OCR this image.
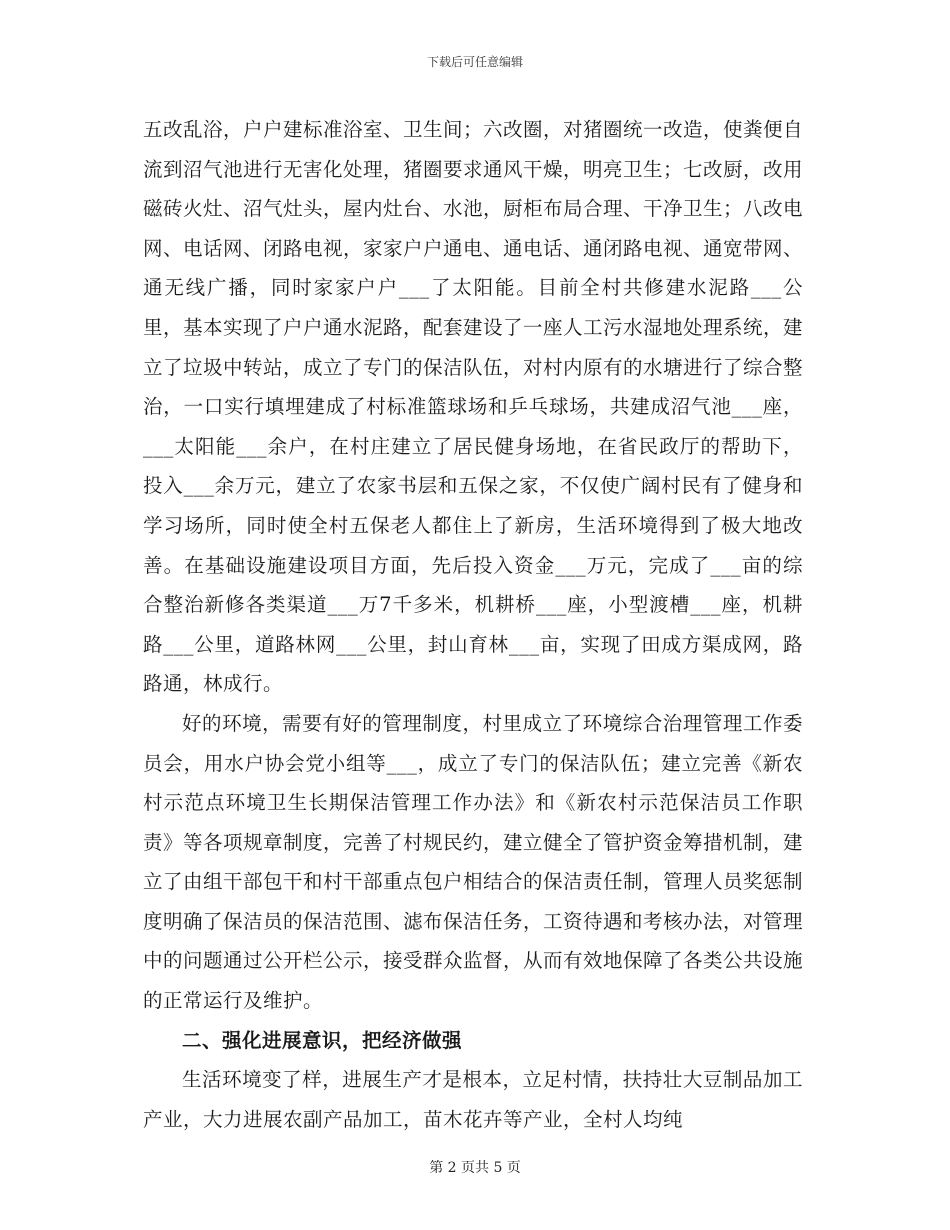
下载后可任意编辑

五改乱浴，户户建标准浴室、卫生间；六改圈，对猪圈统一改造，使粪便自流到沼气池进行无害化处理，猪圈要求通风干燥，明亮卫生；七改厨，改用磁砖火灶、沼气灶头，屋内灶台、水池，厨柜布局合理、干净卫生；八改电网、电话网、闭路电视，家家户户通电、通电话、通闭路电视、通宽带网、通无线广播，同时家家户户___了太阳能。目前全村共修建水泥路___公里，基本实现了户户通水泥路，配套建设了一座人工污水湿地处理系统，建立了垃圾中转站，成立了专门的保洁队伍，对村内原有的水塘进行了综合整治，一口实行填埋建成了村标准篮球场和乒乓球场，共建成沼气池___座，___太阳能___余户，在村庄建立了居民健身场地，在省民政厅的帮助下，投入___余万元，建立了农家书层和五保之家，不仅使广阔村民有了健身和学习场所，同时使全村五保老人都住上了新房，生活环境得到了极大地改善。在基础设施建设项目方面，先后投入资金___万元，完成了___亩的综合整治新修各类渠道___万7千多米，机耕桥___座，小型渡槽___座，机耕路___公里，道路林网___公里，封山育林___亩，实现了田成方渠成网，路路通，林成行。

好的环境，需要有好的管理制度，村里成立了环境综合治理管理工作委员会，用水户协会党小组等___，成立了专门的保洁队伍；建立完善《新农村示范点环境卫生长期保洁管理工作办法》和《新农村示范保洁员工作职责》等各项规章制度，完善了村规民约，建立健全了管护资金筹措机制，建立了由组干部包干和村干部重点包户相结合的保洁责任制，管理人员奖惩制度明确了保洁员的保洁范围、滤布保洁任务，工资待遇和考核办法，对管理中的问题通过公开栏公示，接受群众监督，从而有效地保障了各类公共设施的正常运行及维护。

二、强化进展意识，把经济做强

生活环境变了样，进展生产才是根本，立足村情，扶持壮大豆制品加工产业，大力进展农副产品加工，苗木花卉等产业，全村人均纯

第 2 页共 5 页
